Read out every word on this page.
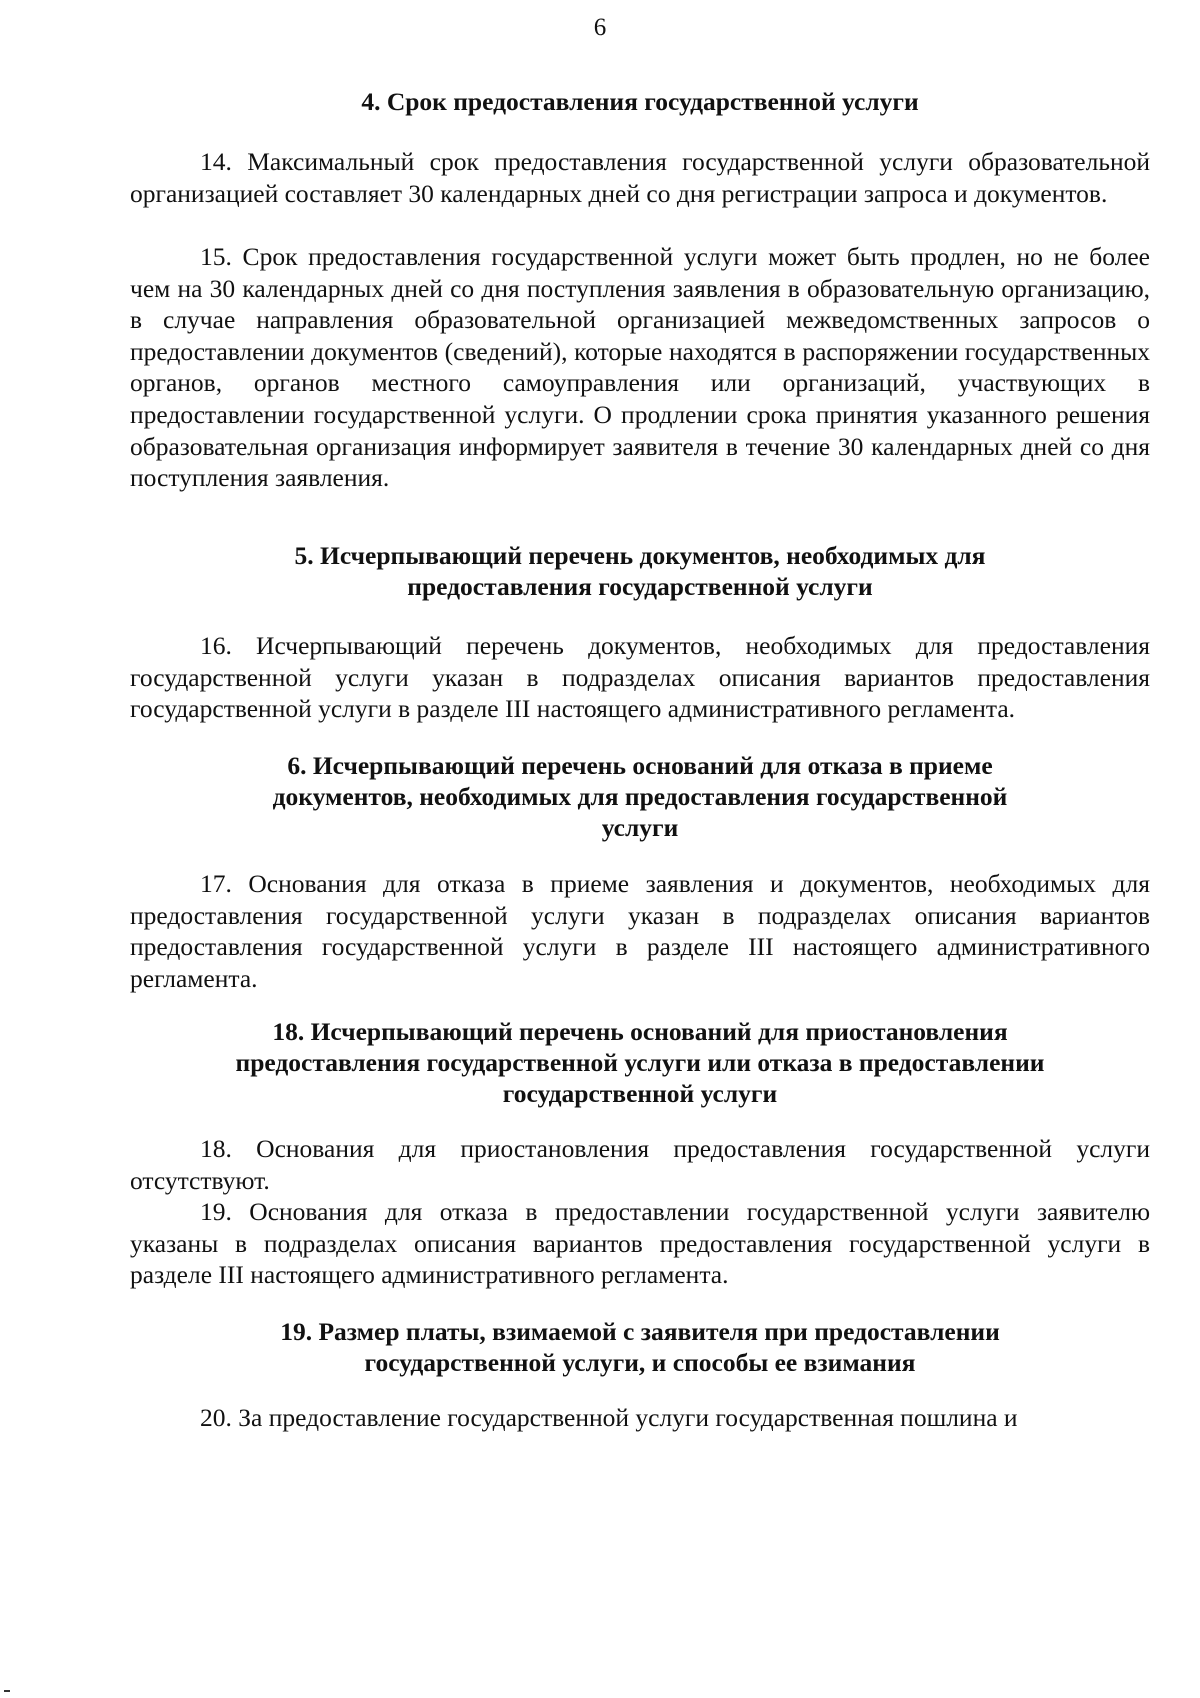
6
4. Срок предоставления государственной услуги
14. Максимальный срок предоставления государственной услуги образовательной организацией составляет 30 календарных дней со дня регистрации запроса и документов.
15. Срок предоставления государственной услуги может быть продлен, но не более чем на 30 календарных дней со дня поступления заявления в образовательную организацию, в случае направления образовательной организацией межведомственных запросов о предоставлении документов (сведений), которые находятся в распоряжении государственных органов, органов местного самоуправления или организаций, участвующих в предоставлении государственной услуги. О продлении срока принятия указанного решения образовательная организация информирует заявителя в течение 30 календарных дней со дня поступления заявления.
5. Исчерпывающий перечень документов, необходимых для
предоставления государственной услуги
16. Исчерпывающий перечень документов, необходимых для предоставления государственной услуги указан в подразделах описания вариантов предоставления государственной услуги в разделе III настоящего административного регламента.
6. Исчерпывающий перечень оснований для отказа в приеме
документов, необходимых для предоставления государственной
услуги
17. Основания для отказа в приеме заявления и документов, необходимых для предоставления государственной услуги указан в подразделах описания вариантов предоставления государственной услуги в разделе III настоящего административного регламента.
18. Исчерпывающий перечень оснований для приостановления
предоставления государственной услуги или отказа в предоставлении
государственной услуги
18. Основания для приостановления предоставления государственной услуги отсутствуют.
19. Основания для отказа в предоставлении государственной услуги заявителю указаны в подразделах описания вариантов предоставления государственной услуги в разделе III настоящего административного регламента.
19. Размер платы, взимаемой с заявителя при предоставлении
государственной услуги, и способы ее взимания
20. За предоставление государственной услуги государственная пошлина и
